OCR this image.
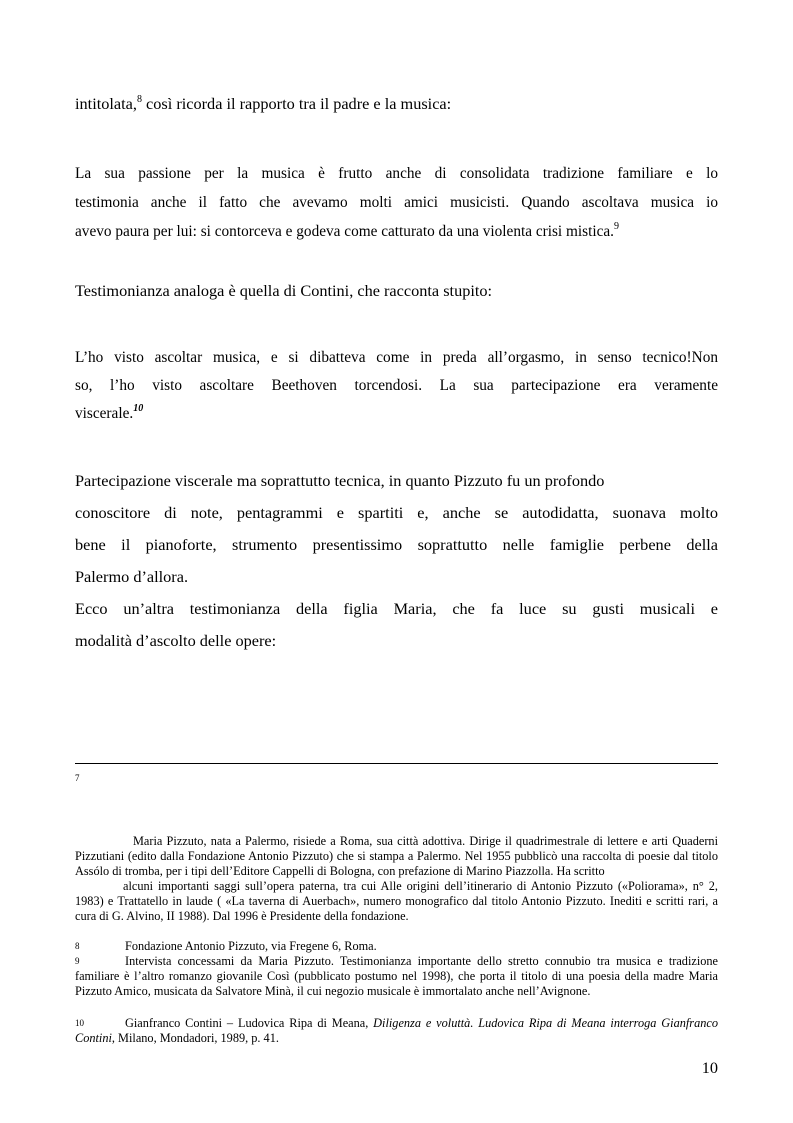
intitolata,$^8$ così ricorda il rapporto tra il padre e la musica:

La sua passione per la musica è frutto anche di consolidata tradizione familiare e lo
testimonia anche il fatto che avevamo molti amici musicisti. Quando ascoltava musica io
avevo paura per lui: si contorceva e godeva come catturato da una violenta crisi mistica.$^9$

Testimonianza analoga è quella di Contini, che racconta stupito:

L’ho visto ascoltar musica, e si dibatteva come in preda all’orgasmo, in senso tecnico!Non
so, l’ho visto ascoltare Beethoven torcendosi. La sua partecipazione era veramente
viscerale.$^{10}$
Partecipazione viscerale ma soprattutto tecnica, in quanto Pizzuto fu un profondo
conoscitore di note, pentagrammi e spartiti e, anche se autodidatta, suonava molto
bene il pianoforte, strumento presentissimo soprattutto nelle famiglie perbene della
Palermo d’allora.
Ecco un’altra testimonianza della figlia Maria, che fa luce su gusti musicali e
modalità d’ascolto delle opere:
7
Maria Pizzuto, nata a Palermo, risiede a Roma, sua città adottiva. Dirige il quadrimestrale di lettere e arti Quaderni Pizzutiani (edito dalla Fondazione Antonio Pizzuto) che si stampa a Palermo. Nel 1955 pubblicò una raccolta di poesie dal titolo Assólo di tromba, per i tipi dell’Editore Cappelli di Bologna, con prefazione di Marino Piazzolla. Ha scritto
alcuni importanti saggi sull’opera paterna, tra cui Alle origini dell’itinerario di Antonio Pizzuto («Poliorama», n° 2, 1983) e Trattatello in laude ( «La taverna di Auerbach», numero monografico dal titolo Antonio Pizzuto. Inediti e scritti rari, a cura di G. Alvino, II 1988). Dal 1996 è Presidente della fondazione.
8	Fondazione Antonio Pizzuto, via Fregene 6, Roma.
9	Intervista concessami da Maria Pizzuto. Testimonianza importante dello stretto connubio tra musica e tradizione familiare è l’altro romanzo giovanile Così (pubblicato postumo nel 1998), che porta il titolo di una poesia della madre Maria Pizzuto Amico, musicata da Salvatore Minà, il cui negozio musicale è immortalato anche nell’Avignone.
10	Gianfranco Contini – Ludovica Ripa di Meana, Diligenza e voluttà. Ludovica Ripa di Meana interroga Gianfranco Contini, Milano, Mondadori, 1989, p. 41.
10
